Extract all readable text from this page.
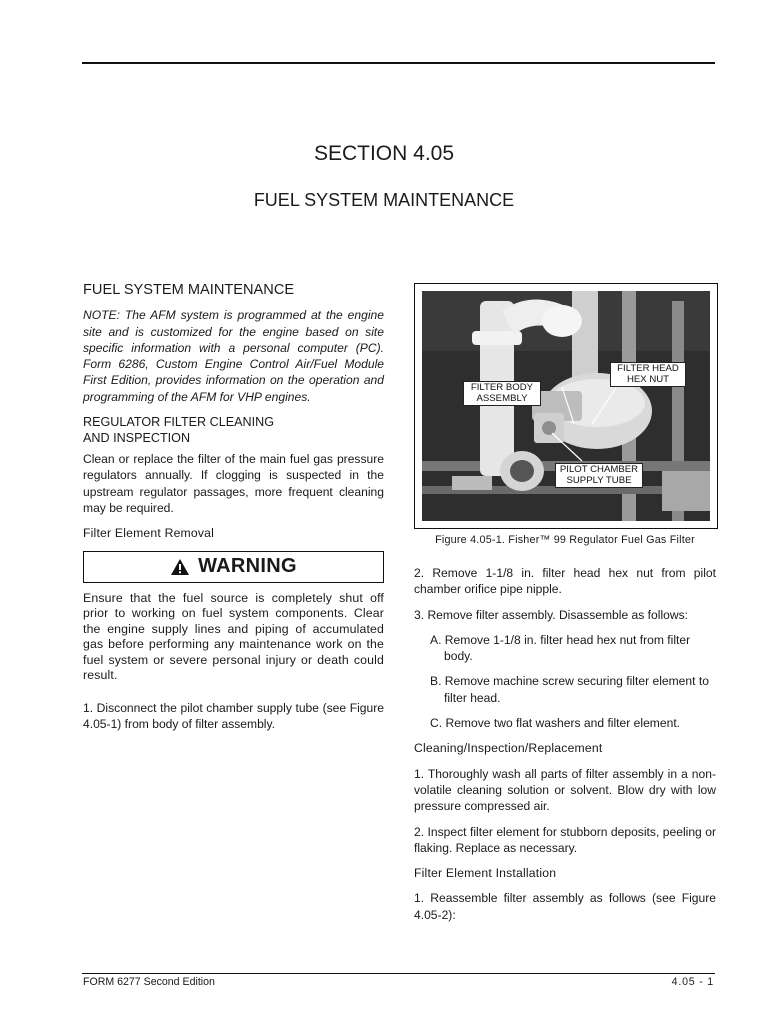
SECTION 4.05
FUEL SYSTEM MAINTENANCE
FUEL SYSTEM MAINTENANCE

NOTE: The AFM system is programmed at the engine site and is customized for the engine based on site specific information with a personal computer (PC). Form 6286, Custom Engine Control Air/Fuel Module First Edition, provides information on the operation and programming of the AFM for VHP engines.

REGULATOR FILTER CLEANING
AND INSPECTION

Clean or replace the filter of the main fuel gas pressure regulators annually. If clogging is suspected in the upstream regulator passages, more frequent cleaning may be required.

Filter Element Removal
WARNING

Ensure that the fuel source is completely shut off prior to working on fuel system components. Clear the engine supply lines and piping of accumulated gas before performing any maintenance work on the fuel system or severe personal injury or death could result.

1. Disconnect the pilot chamber supply tube (see Figure 4.05-1) from body of filter assembly.

FILTER HEAD
HEX NUT
FILTER BODY
ASSEMBLY
PILOT CHAMBER
SUPPLY TUBE
Figure 4.05-1. Fisher™ 99 Regulator Fuel Gas Filter

2. Remove 1-1/8 in. filter head hex nut from pilot chamber orifice pipe nipple.

3. Remove filter assembly. Disassemble as follows:

A. Remove 1-1/8 in. filter head hex nut from filter
body.

B. Remove machine screw securing filter element to
filter head.

C. Remove two flat washers and filter element.

Cleaning/Inspection/Replacement

1. Thoroughly wash all parts of filter assembly in a non-volatile cleaning solution or solvent. Blow dry with low pressure compressed air.

2. Inspect filter element for stubborn deposits, peeling or flaking. Replace as necessary.

Filter Element Installation

1. Reassemble filter assembly as follows (see Figure 4.05-2):

FORM 6277 Second Edition	4.05 - 1
